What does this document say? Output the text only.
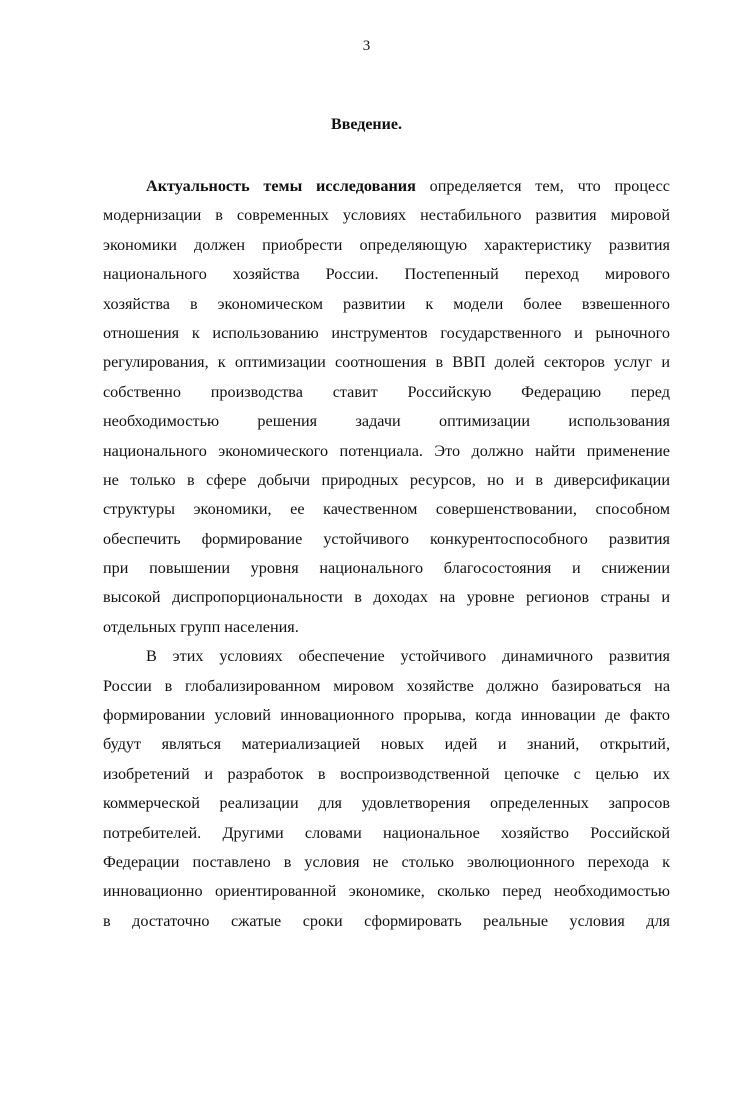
3
Введение.
Актуальность темы исследования определяется тем, что процесс
модернизации в современных условиях нестабильного развития мировой
экономики должен приобрести определяющую характеристику развития
национального хозяйства России. Постепенный переход мирового
хозяйства в экономическом развитии к модели более взвешенного
отношения к использованию инструментов государственного и рыночного
регулирования, к оптимизации соотношения в ВВП долей секторов услуг и
собственно производства ставит Российскую Федерацию перед
необходимостью решения задачи оптимизации использования
национального экономического потенциала. Это должно найти применение
не только в сфере добычи природных ресурсов, но и в диверсификации
структуры экономики, ее качественном совершенствовании, способном
обеспечить формирование устойчивого конкурентоспособного развития
при повышении уровня национального благосостояния и снижении
высокой диспропорциональности в доходах на уровне регионов страны и
отдельных групп населения.
В этих условиях обеспечение устойчивого динамичного развития
России в глобализированном мировом хозяйстве должно базироваться на
формировании условий инновационного прорыва, когда инновации де факто
будут являться материализацией новых идей и знаний, открытий,
изобретений и разработок в воспроизводственной цепочке с целью их
коммерческой реализации для удовлетворения определенных запросов
потребителей. Другими словами национальное хозяйство Российской
Федерации поставлено в условия не столько эволюционного перехода к
инновационно ориентированной экономике, сколько перед необходимостью
в достаточно сжатые сроки сформировать реальные условия для
